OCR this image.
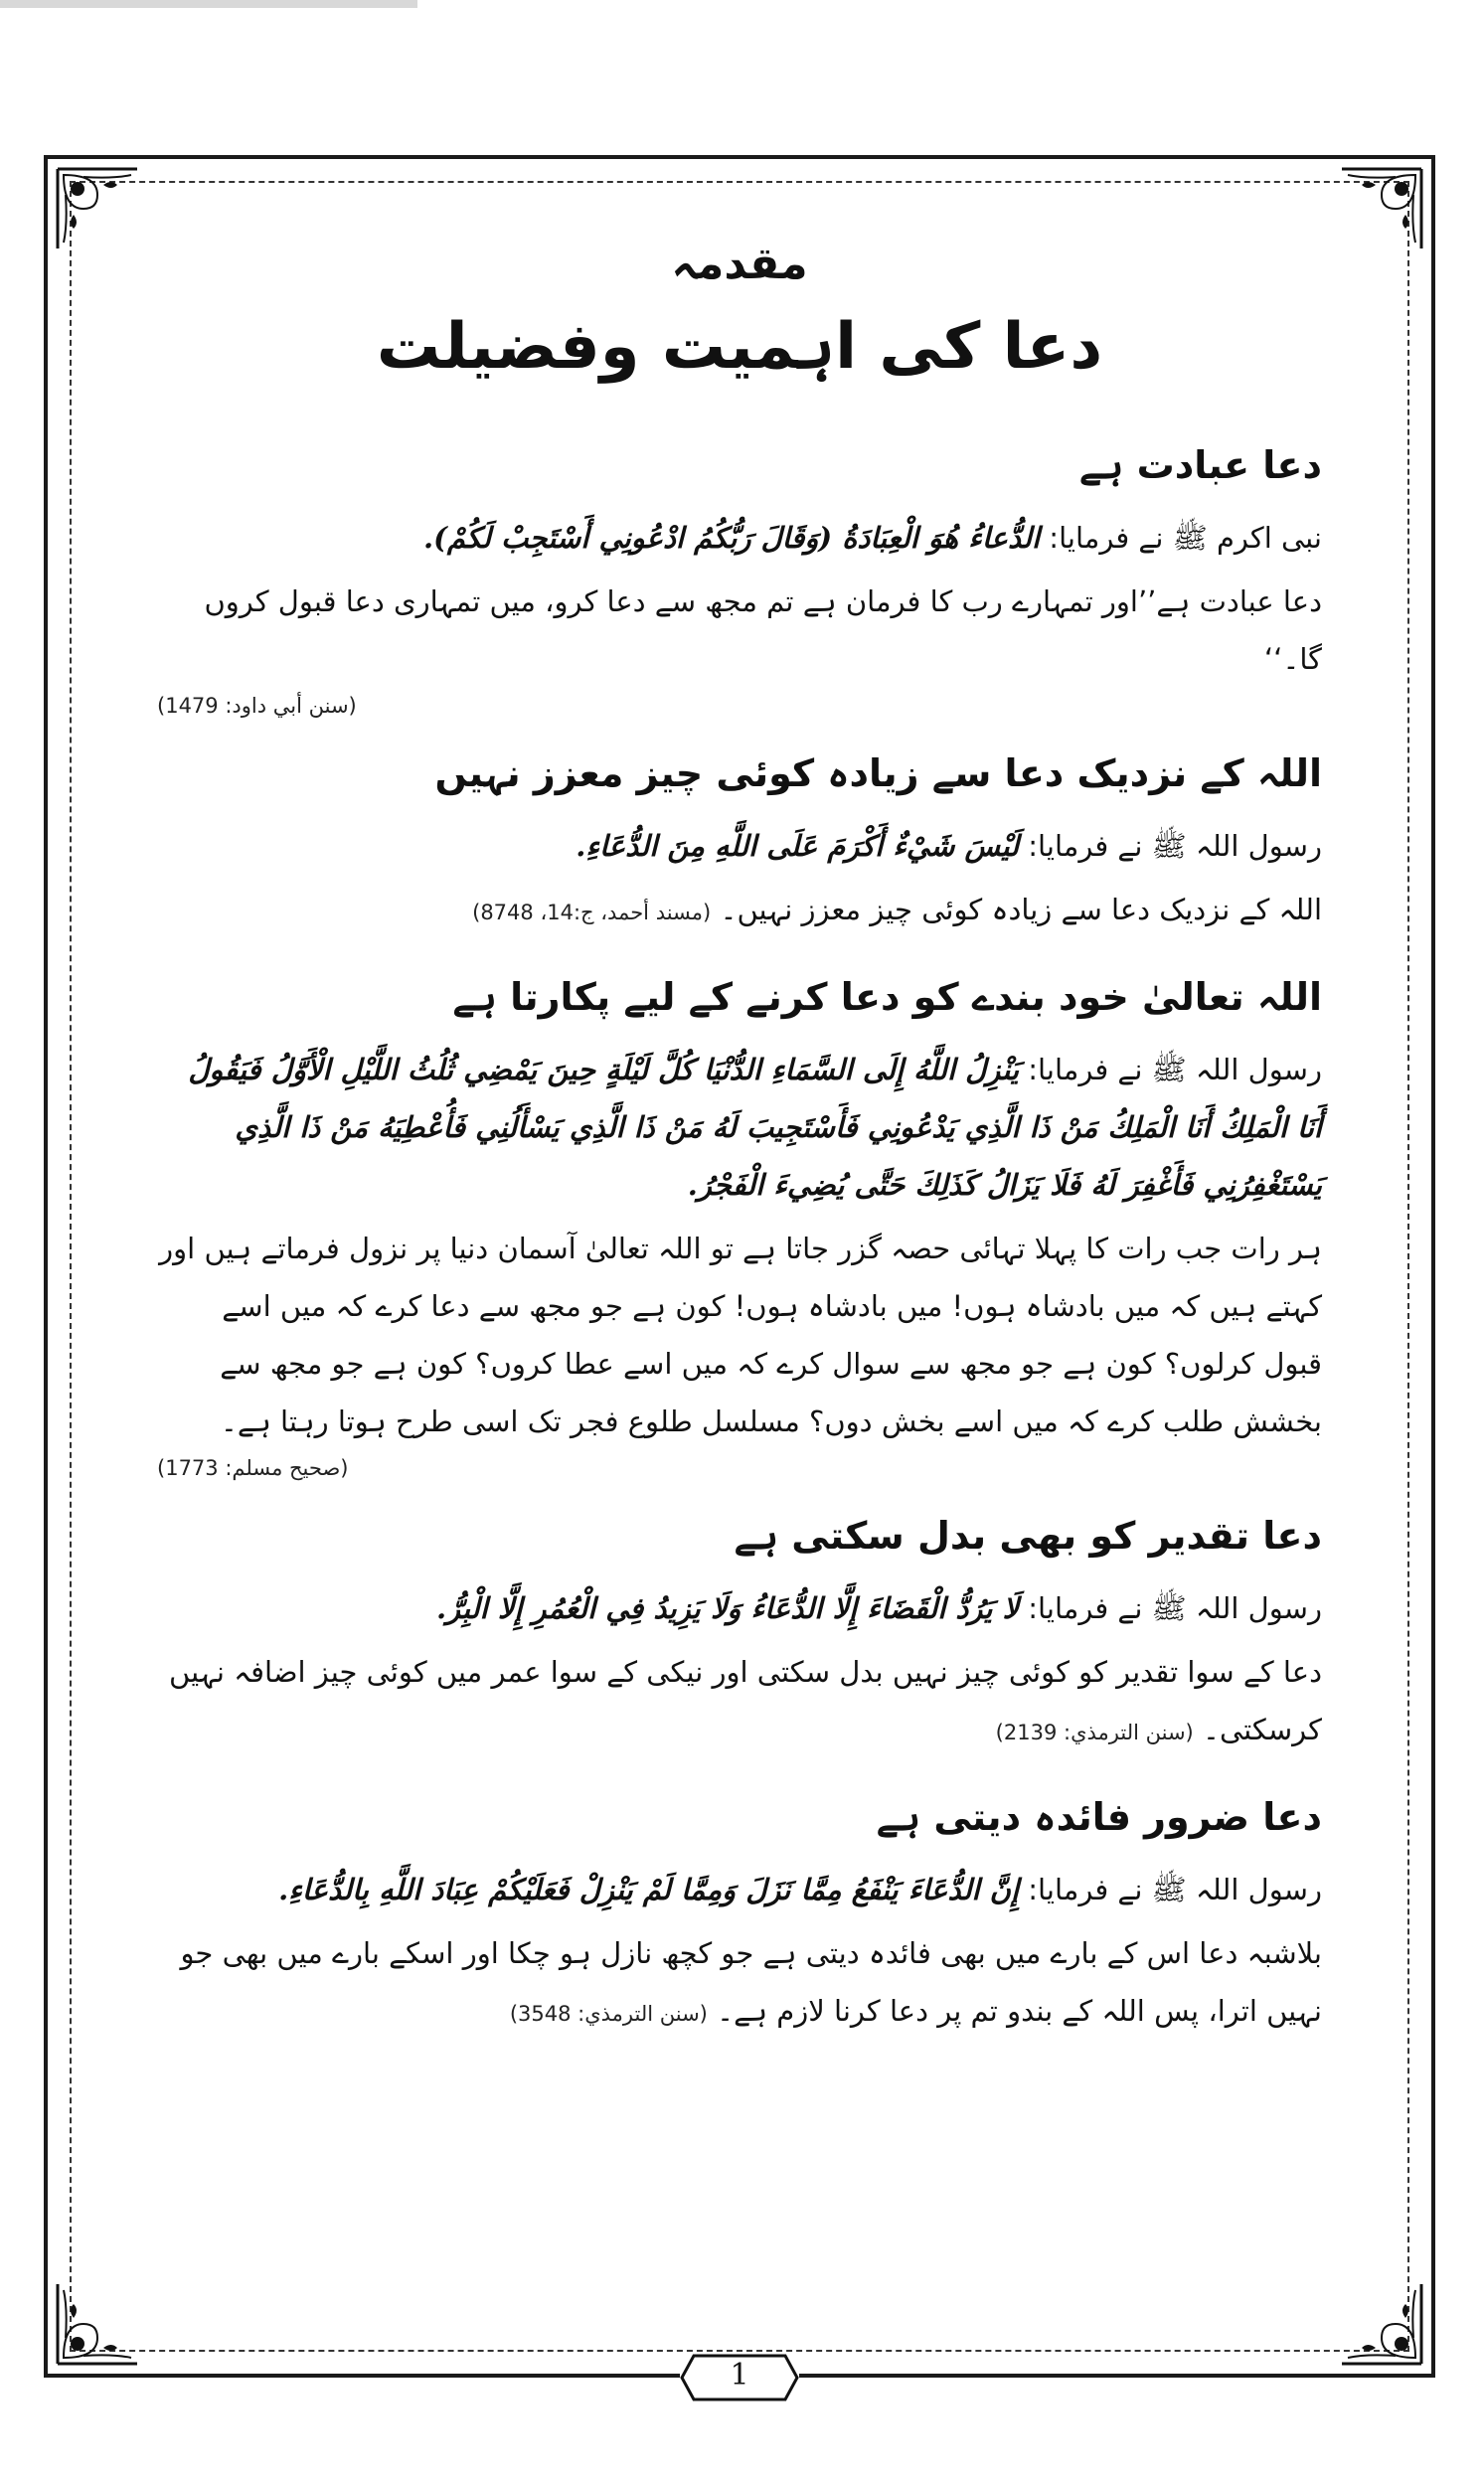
مقدمہ
دعا کی اہمیت وفضیلت
دعا عبادت ہے

نبی اکرم ﷺ نے فرمایا: الدُّعاءُ هُوَ الْعِبَادَةُ (وَقَالَ رَبُّكُمُ ادْعُونِي أَسْتَجِبْ لَكُمْ).

دعا عبادت ہے’’اور تمہارے رب کا فرمان ہے تم مجھ سے دعا کرو، میں تمہاری دعا قبول کروں گا۔‘‘

(سنن أبي داود: 1479)
اللہ کے نزدیک دعا سے زیادہ کوئی چیز معزز نہیں

رسول اللہ ﷺ نے فرمایا: لَيْسَ شَيْءٌ أَكْرَمَ عَلَى اللَّهِ مِنَ الدُّعَاءِ.

اللہ کے نزدیک دعا سے زیادہ کوئی چیز معزز نہیں۔ (مسند أحمد، ج:14، 8748)

اللہ تعالیٰ خود بندے کو دعا کرنے کے لیے پکارتا ہے

رسول اللہ ﷺ نے فرمایا: يَنْزِلُ اللَّهُ إِلَى السَّمَاءِ الدُّنْيَا كُلَّ لَيْلَةٍ حِينَ يَمْضِي ثُلُثُ اللَّيْلِ الْأَوَّلُ فَيَقُولُ أَنَا الْمَلِكُ أَنَا الْمَلِكُ مَنْ ذَا الَّذِي يَدْعُونِي فَأَسْتَجِيبَ لَهُ مَنْ ذَا الَّذِي يَسْأَلُنِي فَأُعْطِيَهُ مَنْ ذَا الَّذِي يَسْتَغْفِرُنِي فَأَغْفِرَ لَهُ فَلَا يَزَالُ كَذَلِكَ حَتَّى يُضِيءَ الْفَجْرُ.

ہر رات جب رات کا پہلا تہائی حصہ گزر جاتا ہے تو اللہ تعالیٰ آسمان دنیا پر نزول فرماتے ہیں اور کہتے ہیں کہ میں بادشاہ ہوں! میں بادشاہ ہوں! کون ہے جو مجھ سے دعا کرے کہ میں اسے قبول کرلوں؟ کون ہے جو مجھ سے سوال کرے کہ میں اسے عطا کروں؟ کون ہے جو مجھ سے بخشش طلب کرے کہ میں اسے بخش دوں؟ مسلسل طلوع فجر تک اسی طرح ہوتا رہتا ہے۔

(صحيح مسلم: 1773)
دعا تقدیر کو بھی بدل سکتی ہے

رسول اللہ ﷺ نے فرمایا: لَا يَرُدُّ الْقَضَاءَ إِلَّا الدُّعَاءُ وَلَا يَزِيدُ فِي الْعُمُرِ إِلَّا الْبِرُّ.

دعا کے سوا تقدیر کو کوئی چیز نہیں بدل سکتی اور نیکی کے سوا عمر میں کوئی چیز اضافہ نہیں کرسکتی۔ (سنن الترمذي: 2139)

دعا ضرور فائدہ دیتی ہے

رسول اللہ ﷺ نے فرمایا: إِنَّ الدُّعَاءَ يَنْفَعُ مِمَّا نَزَلَ وَمِمَّا لَمْ يَنْزِلْ فَعَلَيْكُمْ عِبَادَ اللَّهِ بِالدُّعَاءِ.

بلاشبہ دعا اس کے بارے میں بھی فائدہ دیتی ہے جو کچھ نازل ہو چکا اور اسکے بارے میں بھی جو نہیں اترا، پس اللہ کے بندو تم پر دعا کرنا لازم ہے۔ (سنن الترمذي: 3548)

1
